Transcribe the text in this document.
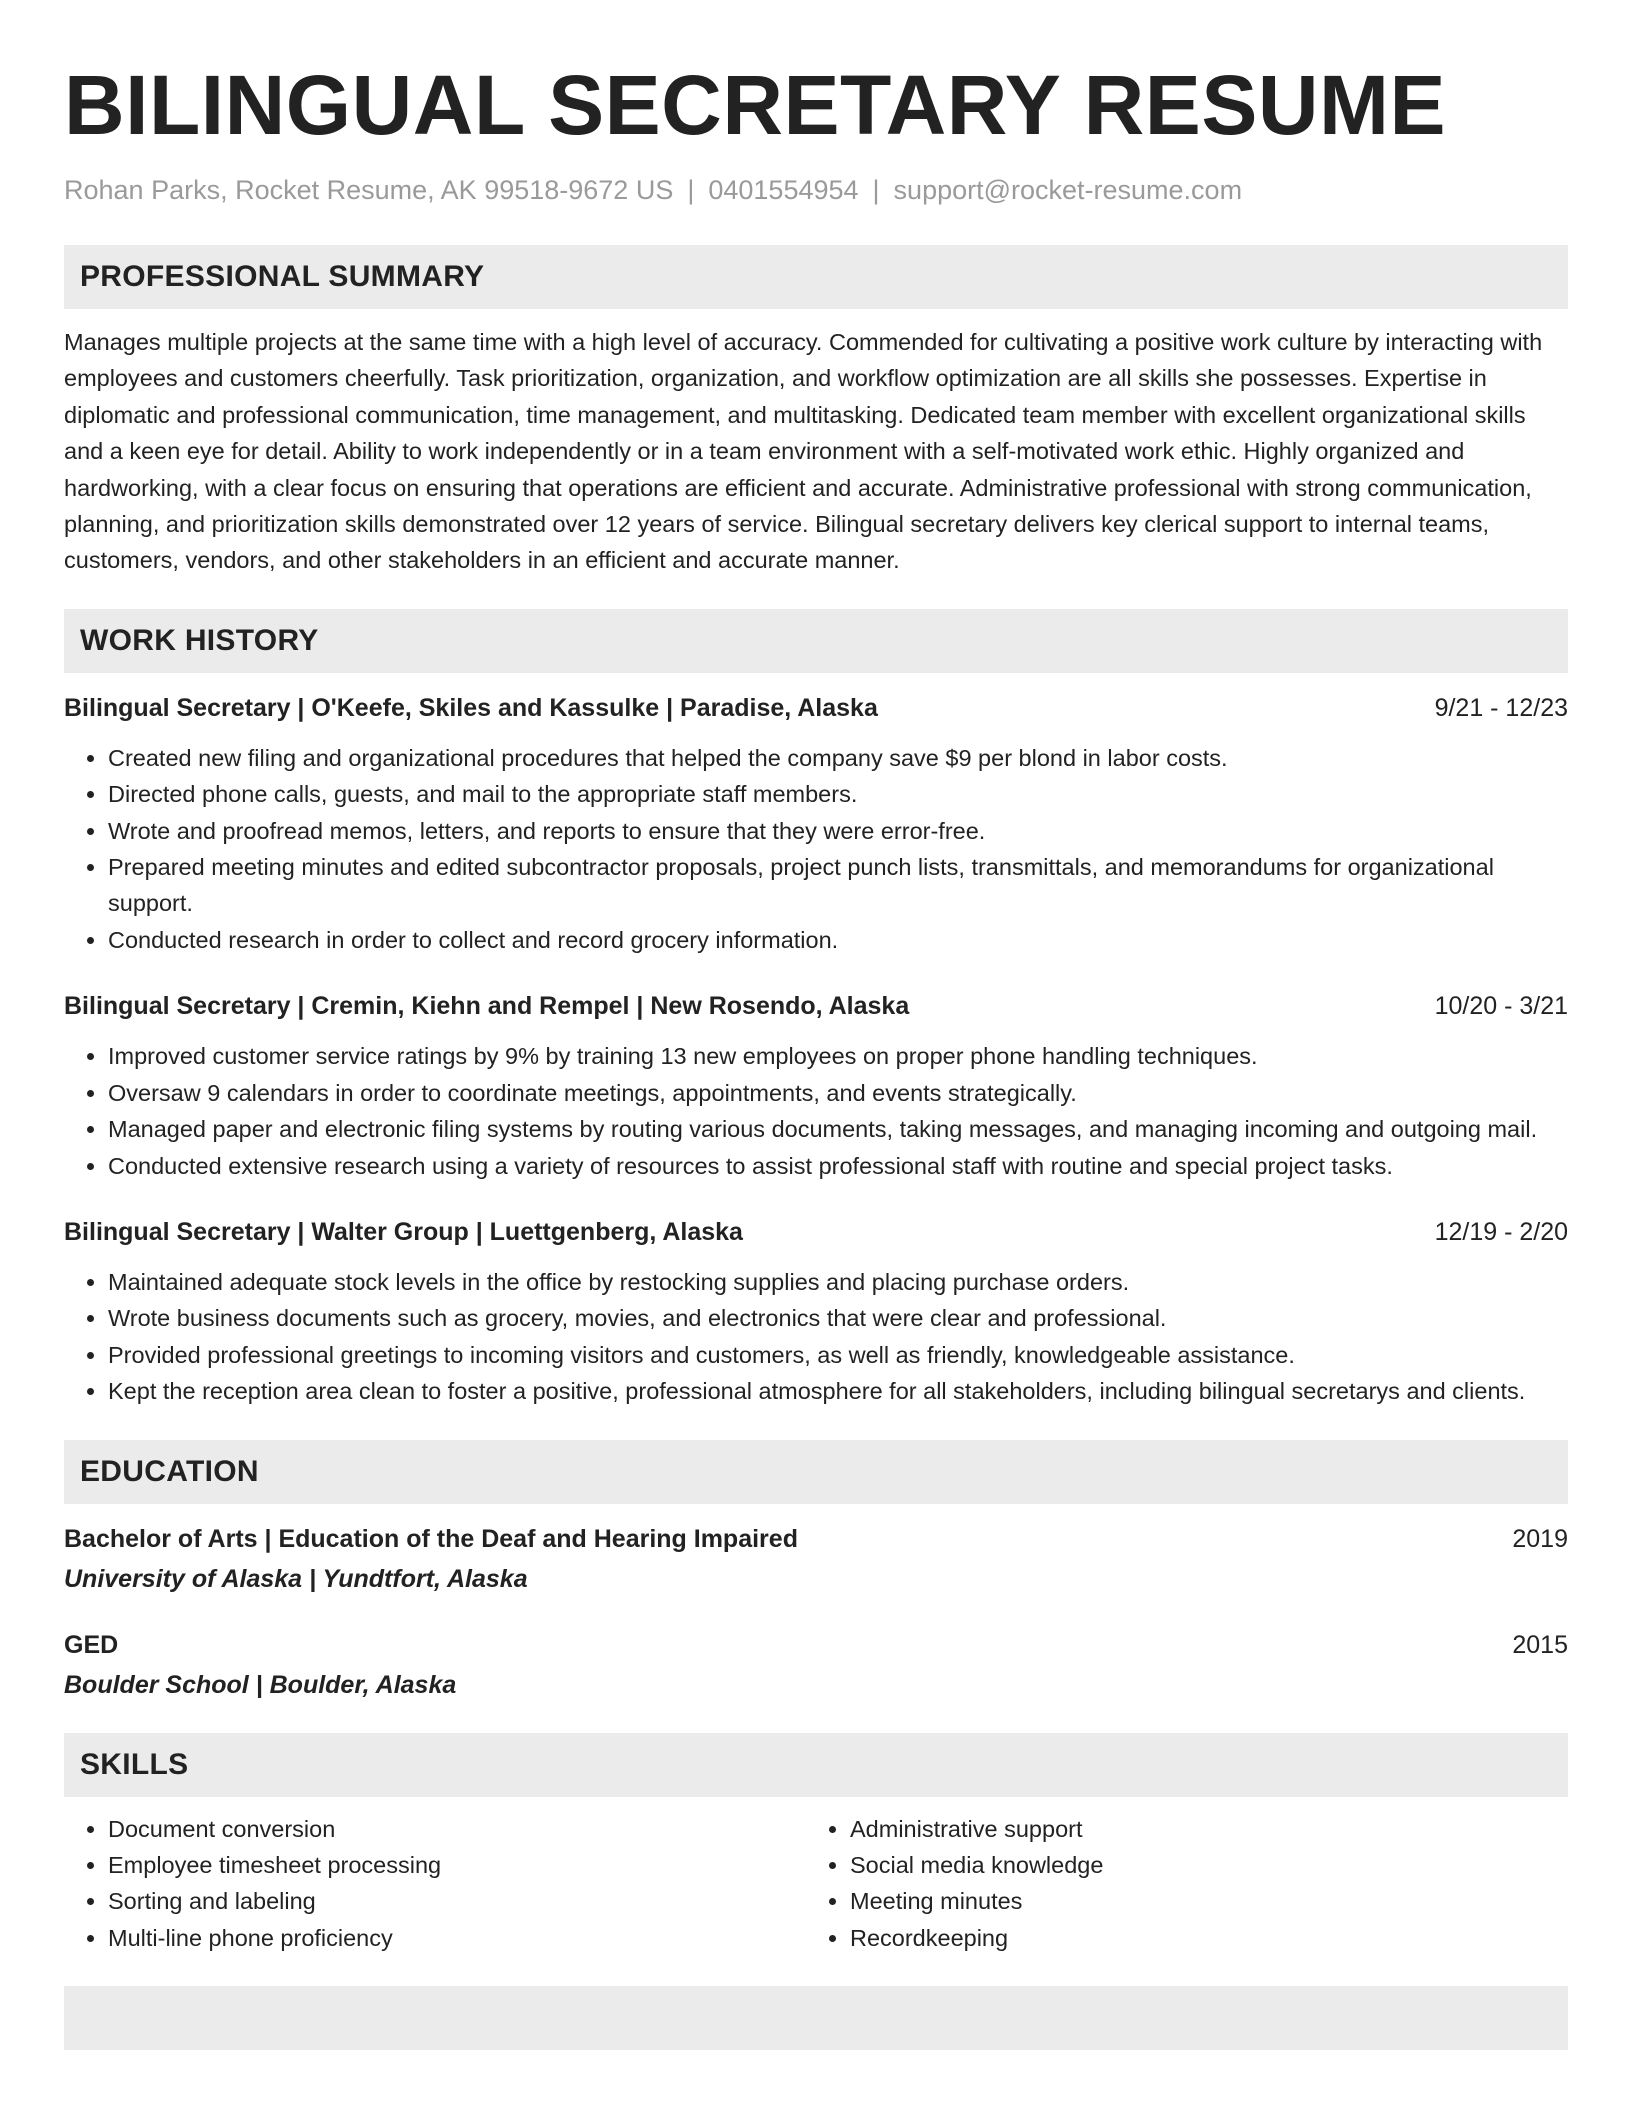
BILINGUAL SECRETARY RESUME
Rohan Parks, Rocket Resume, AK 99518-9672 US | 0401554954 | support@rocket-resume.com
PROFESSIONAL SUMMARY

Manages multiple projects at the same time with a high level of accuracy. Commended for cultivating a positive work culture by interacting with employees and customers cheerfully. Task prioritization, organization, and workflow optimization are all skills she possesses. Expertise in diplomatic and professional communication, time management, and multitasking. Dedicated team member with excellent organizational skills and a keen eye for detail. Ability to work independently or in a team environment with a self-motivated work ethic. Highly organized and hardworking, with a clear focus on ensuring that operations are efficient and accurate. Administrative professional with strong communication, planning, and prioritization skills demonstrated over 12 years of service. Bilingual secretary delivers key clerical support to internal teams, customers, vendors, and other stakeholders in an efficient and accurate manner.

WORK HISTORY
Bilingual Secretary | O'Keefe, Skiles and Kassulke | Paradise, Alaska	9/21 - 12/23
• Created new filing and organizational procedures that helped the company save $9 per blond in labor costs.
• Directed phone calls, guests, and mail to the appropriate staff members.
• Wrote and proofread memos, letters, and reports to ensure that they were error-free.
• Prepared meeting minutes and edited subcontractor proposals, project punch lists, transmittals, and memorandums for organizational support.
• Conducted research in order to collect and record grocery information.
Bilingual Secretary | Cremin, Kiehn and Rempel | New Rosendo, Alaska	10/20 - 3/21
• Improved customer service ratings by 9% by training 13 new employees on proper phone handling techniques.
• Oversaw 9 calendars in order to coordinate meetings, appointments, and events strategically.
• Managed paper and electronic filing systems by routing various documents, taking messages, and managing incoming and outgoing mail.
• Conducted extensive research using a variety of resources to assist professional staff with routine and special project tasks.
Bilingual Secretary | Walter Group | Luettgenberg, Alaska	12/19 - 2/20
• Maintained adequate stock levels in the office by restocking supplies and placing purchase orders.
• Wrote business documents such as grocery, movies, and electronics that were clear and professional.
• Provided professional greetings to incoming visitors and customers, as well as friendly, knowledgeable assistance.
• Kept the reception area clean to foster a positive, professional atmosphere for all stakeholders, including bilingual secretarys and clients.
EDUCATION
Bachelor of Arts | Education of the Deaf and Hearing Impaired	2019
University of Alaska | Yundtfort, Alaska
GED	2015
Boulder School | Boulder, Alaska
SKILLS
• Document conversion
• Employee timesheet processing
• Sorting and labeling
• Multi-line phone proficiency
• Administrative support
• Social media knowledge
• Meeting minutes
• Recordkeeping
